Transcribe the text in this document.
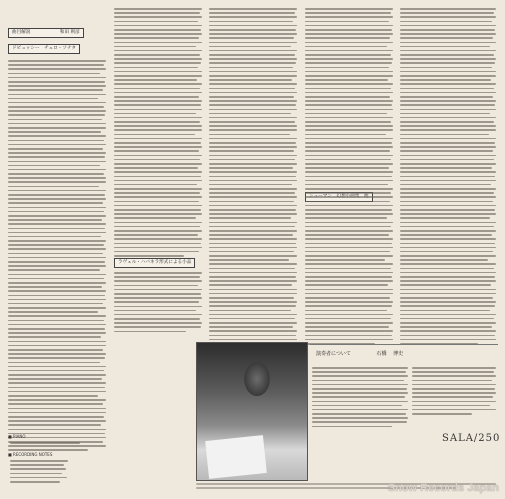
曲目解説	和田 則彦
ドビュッシー　チェロ・ソナタ
ラヴェル・ハバネラ形式による小品
演奏者について	石橋 　博史
■ PIANO
■ RECORDING NOTES
SALA/250
Snow Records Japan
